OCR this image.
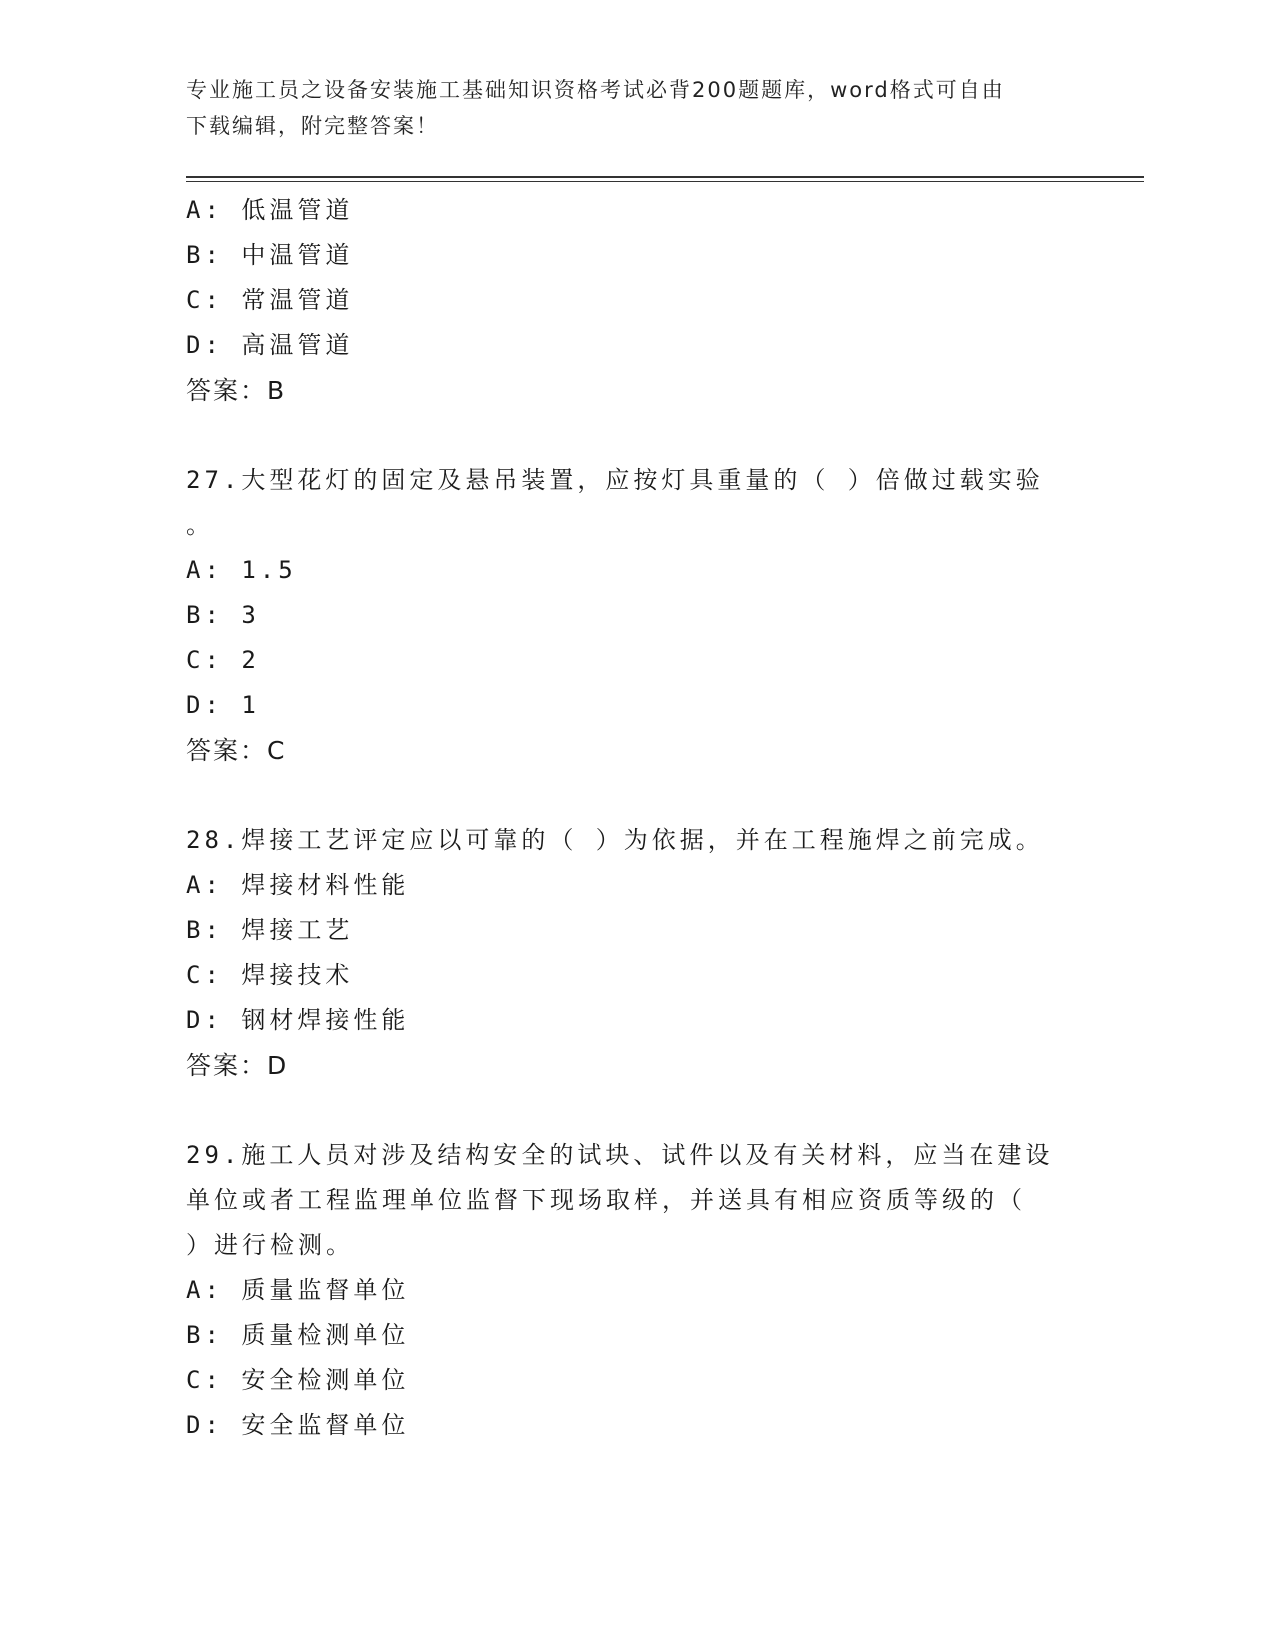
专业施工员之设备安装施工基础知识资格考试必背200题题库，word格式可自由
下载编辑，附完整答案！
A: 低温管道
B: 中温管道
C: 常温管道
D: 高温管道
答案：B
27.大型花灯的固定及悬吊装置，应按灯具重量的（ ）倍做过载实验
。
A: 1.5
B: 3
C: 2
D: 1
答案：C
28.焊接工艺评定应以可靠的（ ）为依据，并在工程施焊之前完成。
A: 焊接材料性能
B: 焊接工艺
C: 焊接技术
D: 钢材焊接性能
答案：D
29.施工人员对涉及结构安全的试块、试件以及有关材料，应当在建设
单位或者工程监理单位监督下现场取样，并送具有相应资质等级的（
）进行检测。
A: 质量监督单位
B: 质量检测单位
C: 安全检测单位
D: 安全监督单位
